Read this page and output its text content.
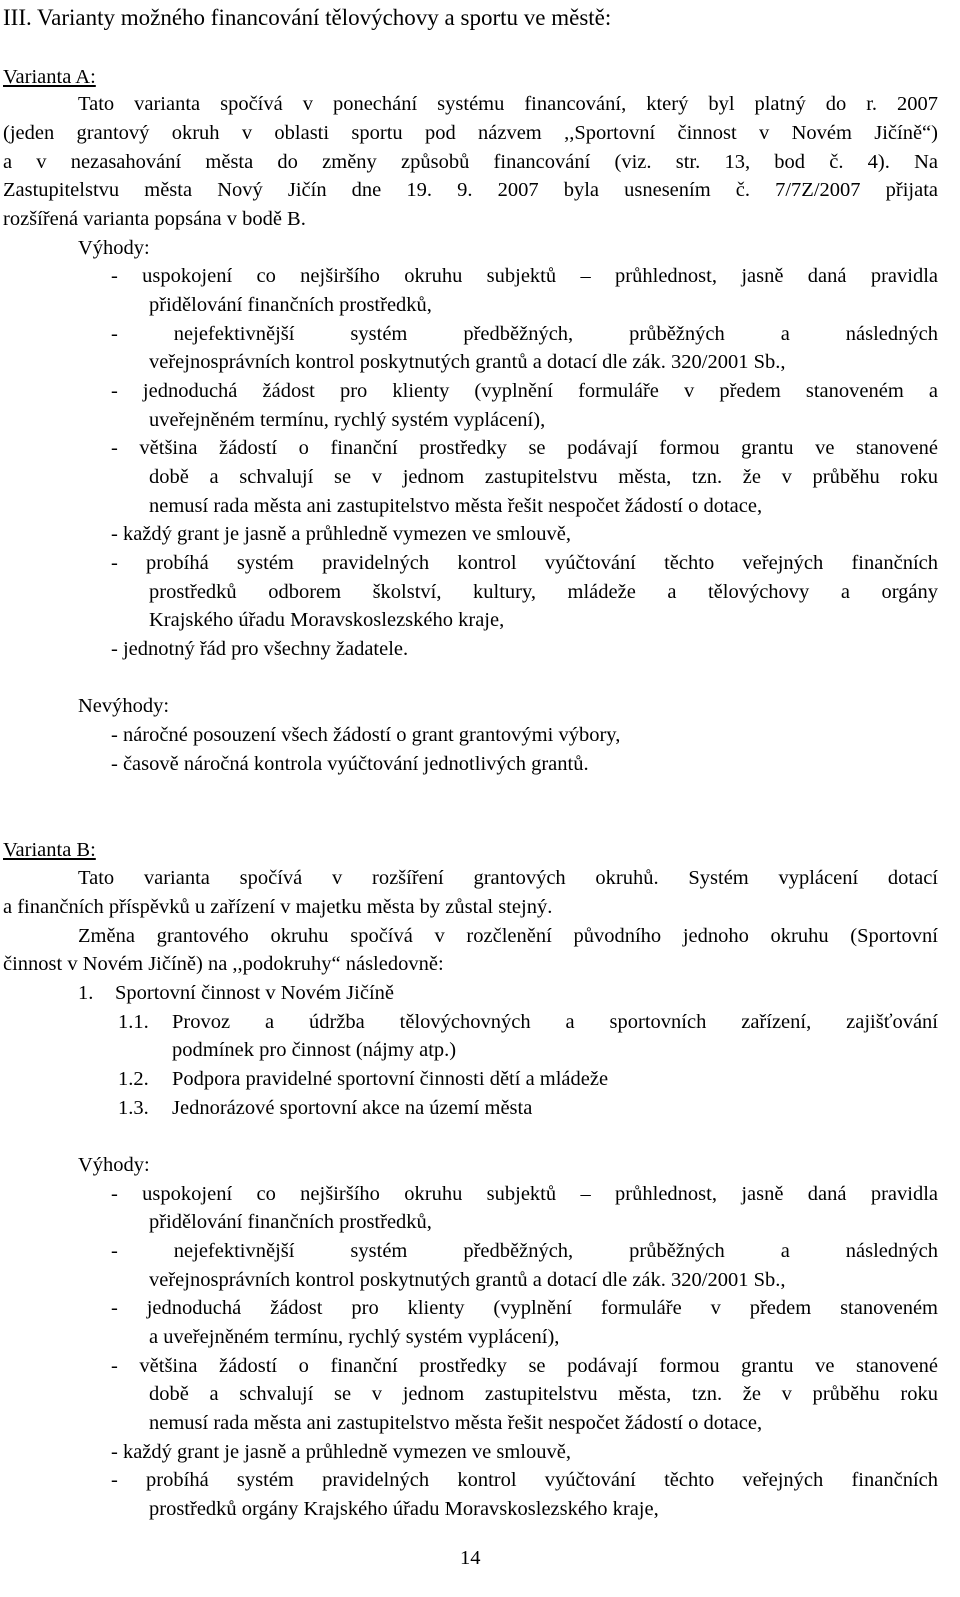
III. Varianty možného financování tělovýchovy a sportu ve městě:
Varianta A:
Tato varianta spočívá v ponechání systému financování, který byl platný do r. 2007
(jeden grantový okruh v oblasti sportu pod názvem ,,Sportovní činnost v Novém Jičíně“)
a v nezasahování města do změny způsobů financování (viz. str. 13, bod č. 4). Na
Zastupitelstvu města Nový Jičín dne 19. 9. 2007 byla usnesením č. 7/7Z/2007 přijata
rozšířená varianta popsána v bodě B.
Výhody:
- uspokojení co nejširšího okruhu subjektů – průhlednost, jasně daná pravidla
přidělování finančních prostředků,
- nejefektivnější systém předběžných, průběžných a následných
veřejnosprávních kontrol poskytnutých grantů a dotací dle zák. 320/2001 Sb.,
- jednoduchá žádost pro klienty (vyplnění formuláře v předem stanoveném a
uveřejněném termínu, rychlý systém vyplácení),
- většina žádostí o finanční prostředky se podávají formou grantu ve stanovené
době a schvalují se v jednom zastupitelstvu města, tzn. že v průběhu roku
nemusí rada města ani zastupitelstvo města řešit nespočet žádostí o dotace,
- každý grant je jasně a průhledně vymezen ve smlouvě,
- probíhá systém pravidelných kontrol vyúčtování těchto veřejných finančních
prostředků odborem školství, kultury, mládeže a tělovýchovy a orgány
Krajského úřadu Moravskoslezského kraje,
- jednotný řád pro všechny žadatele.
Nevýhody:
- náročné posouzení všech žádostí o grant grantovými výbory,
- časově náročná kontrola vyúčtování jednotlivých grantů.
Varianta B:
Tato varianta spočívá v rozšíření grantových okruhů. Systém vyplácení dotací
a finančních příspěvků u zařízení v majetku města by zůstal stejný.
Změna grantového okruhu spočívá v rozčlenění původního jednoho okruhu (Sportovní
činnost v Novém Jičíně) na ,,podokruhy“ následovně:
1. Sportovní činnost v Novém Jičíně
1.1. Provoz a údržba tělovýchovných a sportovních zařízení, zajišťování
podmínek pro činnost (nájmy atp.)
1.2. Podpora pravidelné sportovní činnosti dětí a mládeže
1.3. Jednorázové sportovní akce na území města
Výhody:
- uspokojení co nejširšího okruhu subjektů – průhlednost, jasně daná pravidla
přidělování finančních prostředků,
- nejefektivnější systém předběžných, průběžných a následných
veřejnosprávních kontrol poskytnutých grantů a dotací dle zák. 320/2001 Sb.,
- jednoduchá žádost pro klienty (vyplnění formuláře v předem stanoveném
a uveřejněném termínu, rychlý systém vyplácení),
- většina žádostí o finanční prostředky se podávají formou grantu ve stanovené
době a schvalují se v jednom zastupitelstvu města, tzn. že v průběhu roku
nemusí rada města ani zastupitelstvo města řešit nespočet žádostí o dotace,
- každý grant je jasně a průhledně vymezen ve smlouvě,
- probíhá systém pravidelných kontrol vyúčtování těchto veřejných finančních
prostředků orgány Krajského úřadu Moravskoslezského kraje,
14
